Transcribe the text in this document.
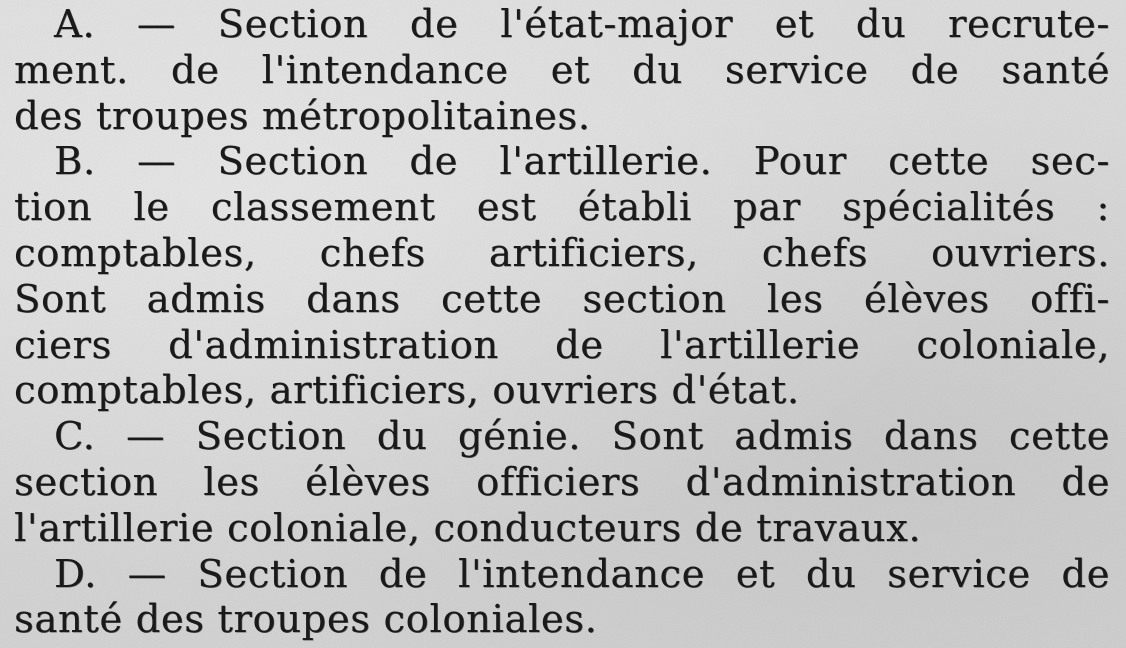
A. — Section de l'état-major et du recrute-
ment. de l'intendance et du service de santé
des troupes métropolitaines.
B. — Section de l'artillerie. Pour cette sec-
tion le classement est établi par spécialités :
comptables, chefs artificiers, chefs ouvriers.
Sont admis dans cette section les élèves offi-
ciers d'administration de l'artillerie coloniale,
comptables, artificiers, ouvriers d'état.
C. — Section du génie. Sont admis dans cette
section les élèves officiers d'administration de
l'artillerie coloniale, conducteurs de travaux.
D. — Section de l'intendance et du service de
santé des troupes coloniales.
